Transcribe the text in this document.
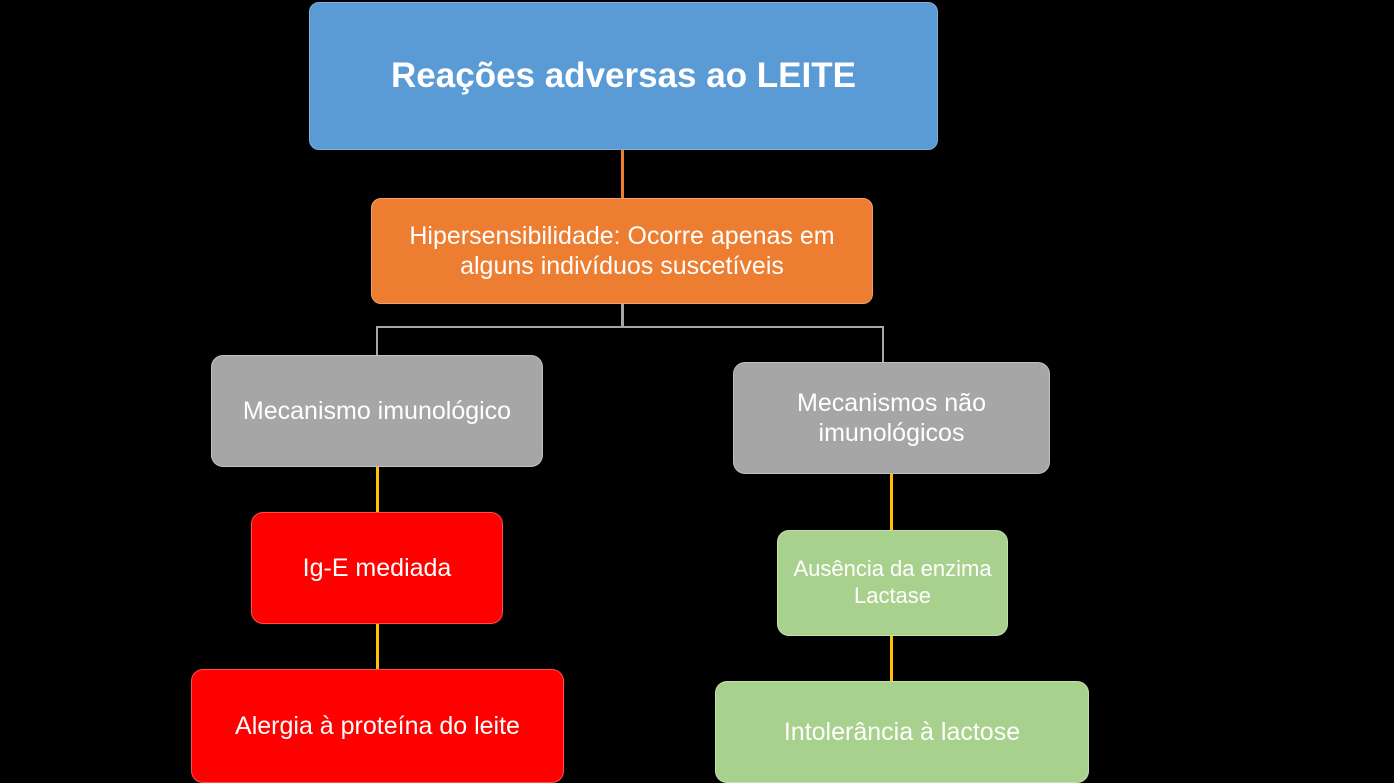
Reações adversas ao LEITE
Hipersensibilidade: Ocorre apenas em alguns indivíduos suscetíveis
Mecanismo imunológico	Mecanismos não imunológicos
Ig-E mediada
Alergia à proteína do leite
Ausência da enzima Lactase
Intolerância à lactose
